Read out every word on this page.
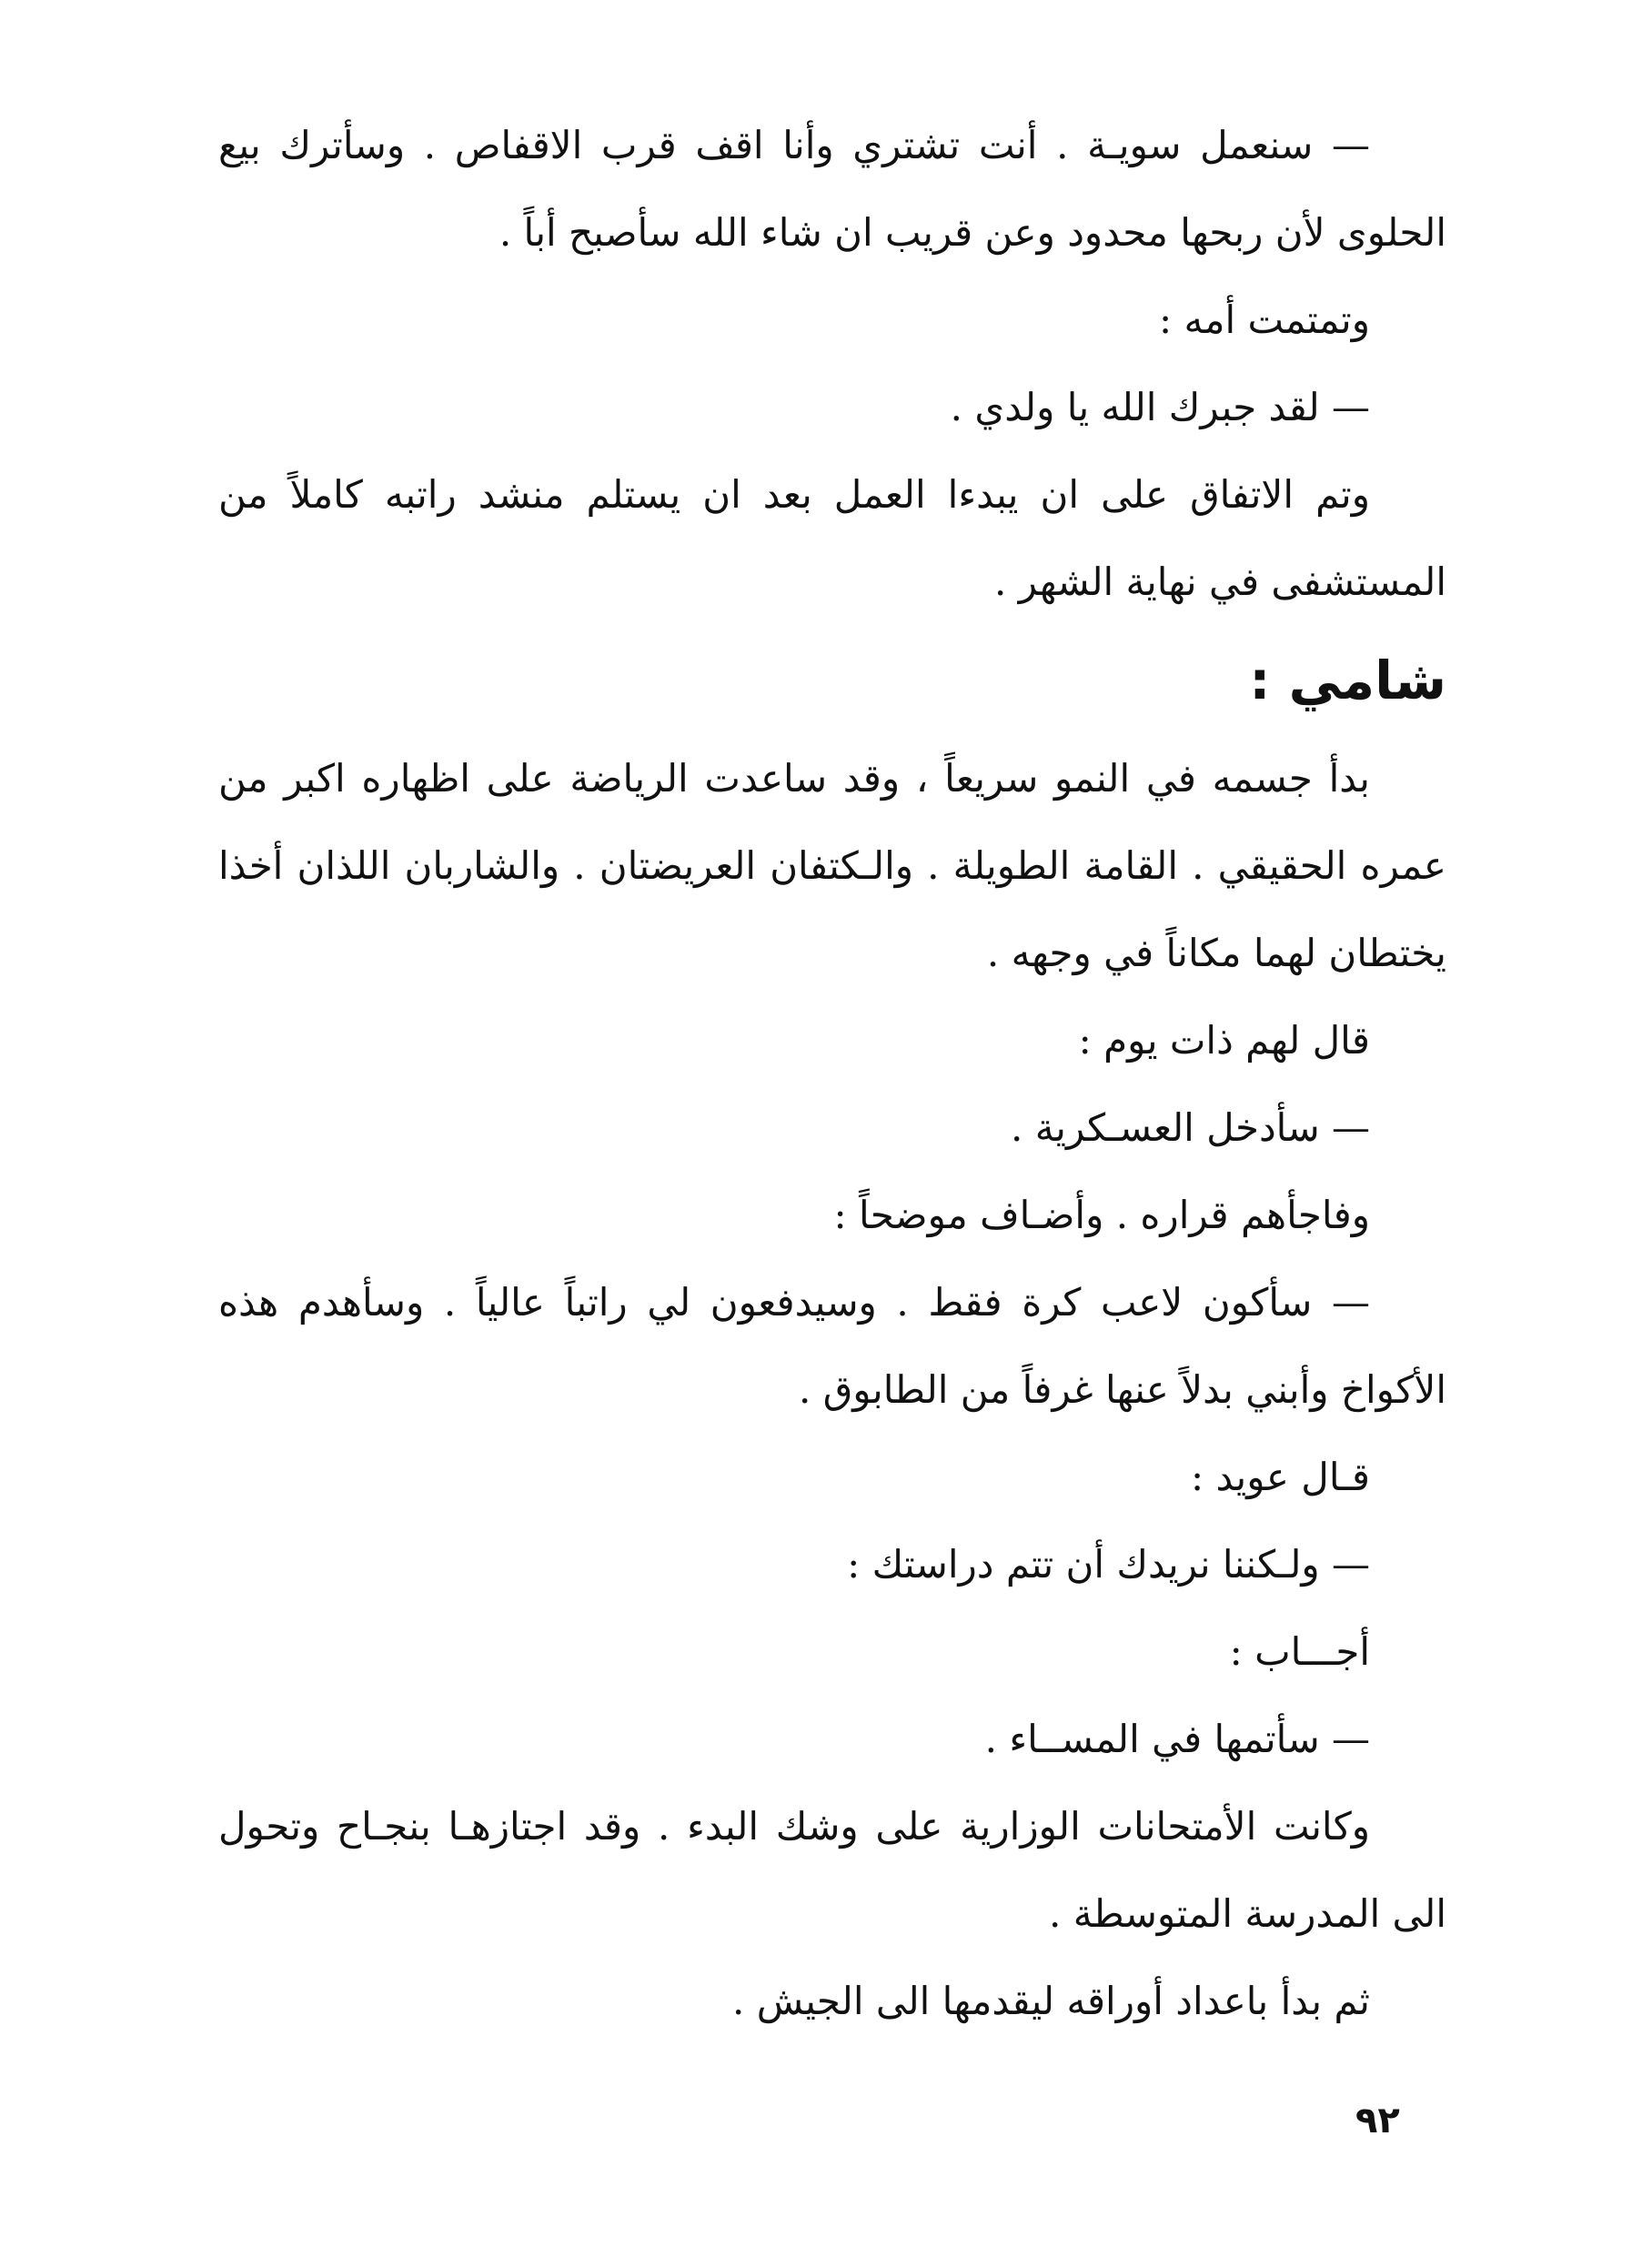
— سنعمل سويـة . أنت تشتري وأنا اقف قرب الاقفاص . وسأترك بيع الحلوى لأن ربحها محدود وعن قريب ان شاء الله سأصبح أباً .

وتمتمت أمه :

— لقد جبرك الله يا ولدي .

وتم الاتفاق على ان يبدءا العمل بعد ان يستلم منشد راتبه كاملاً من المستشفى في نهاية الشهر .

شامي :

بدأ جسمه في النمو سريعاً ، وقد ساعدت الرياضة على اظهاره اكبر من عمره الحقيقي . القامة الطويلة . والـكتفان العريضتان . والشاربان اللذان أخذا يختطان لهما مكاناً في وجهه .

قال لهم ذات يوم :

— سأدخل العسـكرية .

وفاجأهم قراره . وأضـاف موضحاً :

— سأكون لاعب كرة فقط . وسيدفعون لي راتباً عالياً . وسأهدم هذه الأكواخ وأبني بدلاً عنها غرفاً من الطابوق .

قـال عويد :

— ولـكننا نريدك أن تتم دراستك :

أجـــاب :

— سأتمها في المســاء .

وكانت الأمتحانات الوزارية على وشك البدء . وقد اجتازهـا بنجـاح وتحول الى المدرسة المتوسطة .

ثم بدأ باعداد أوراقه ليقدمها الى الجيش .

٩٢
